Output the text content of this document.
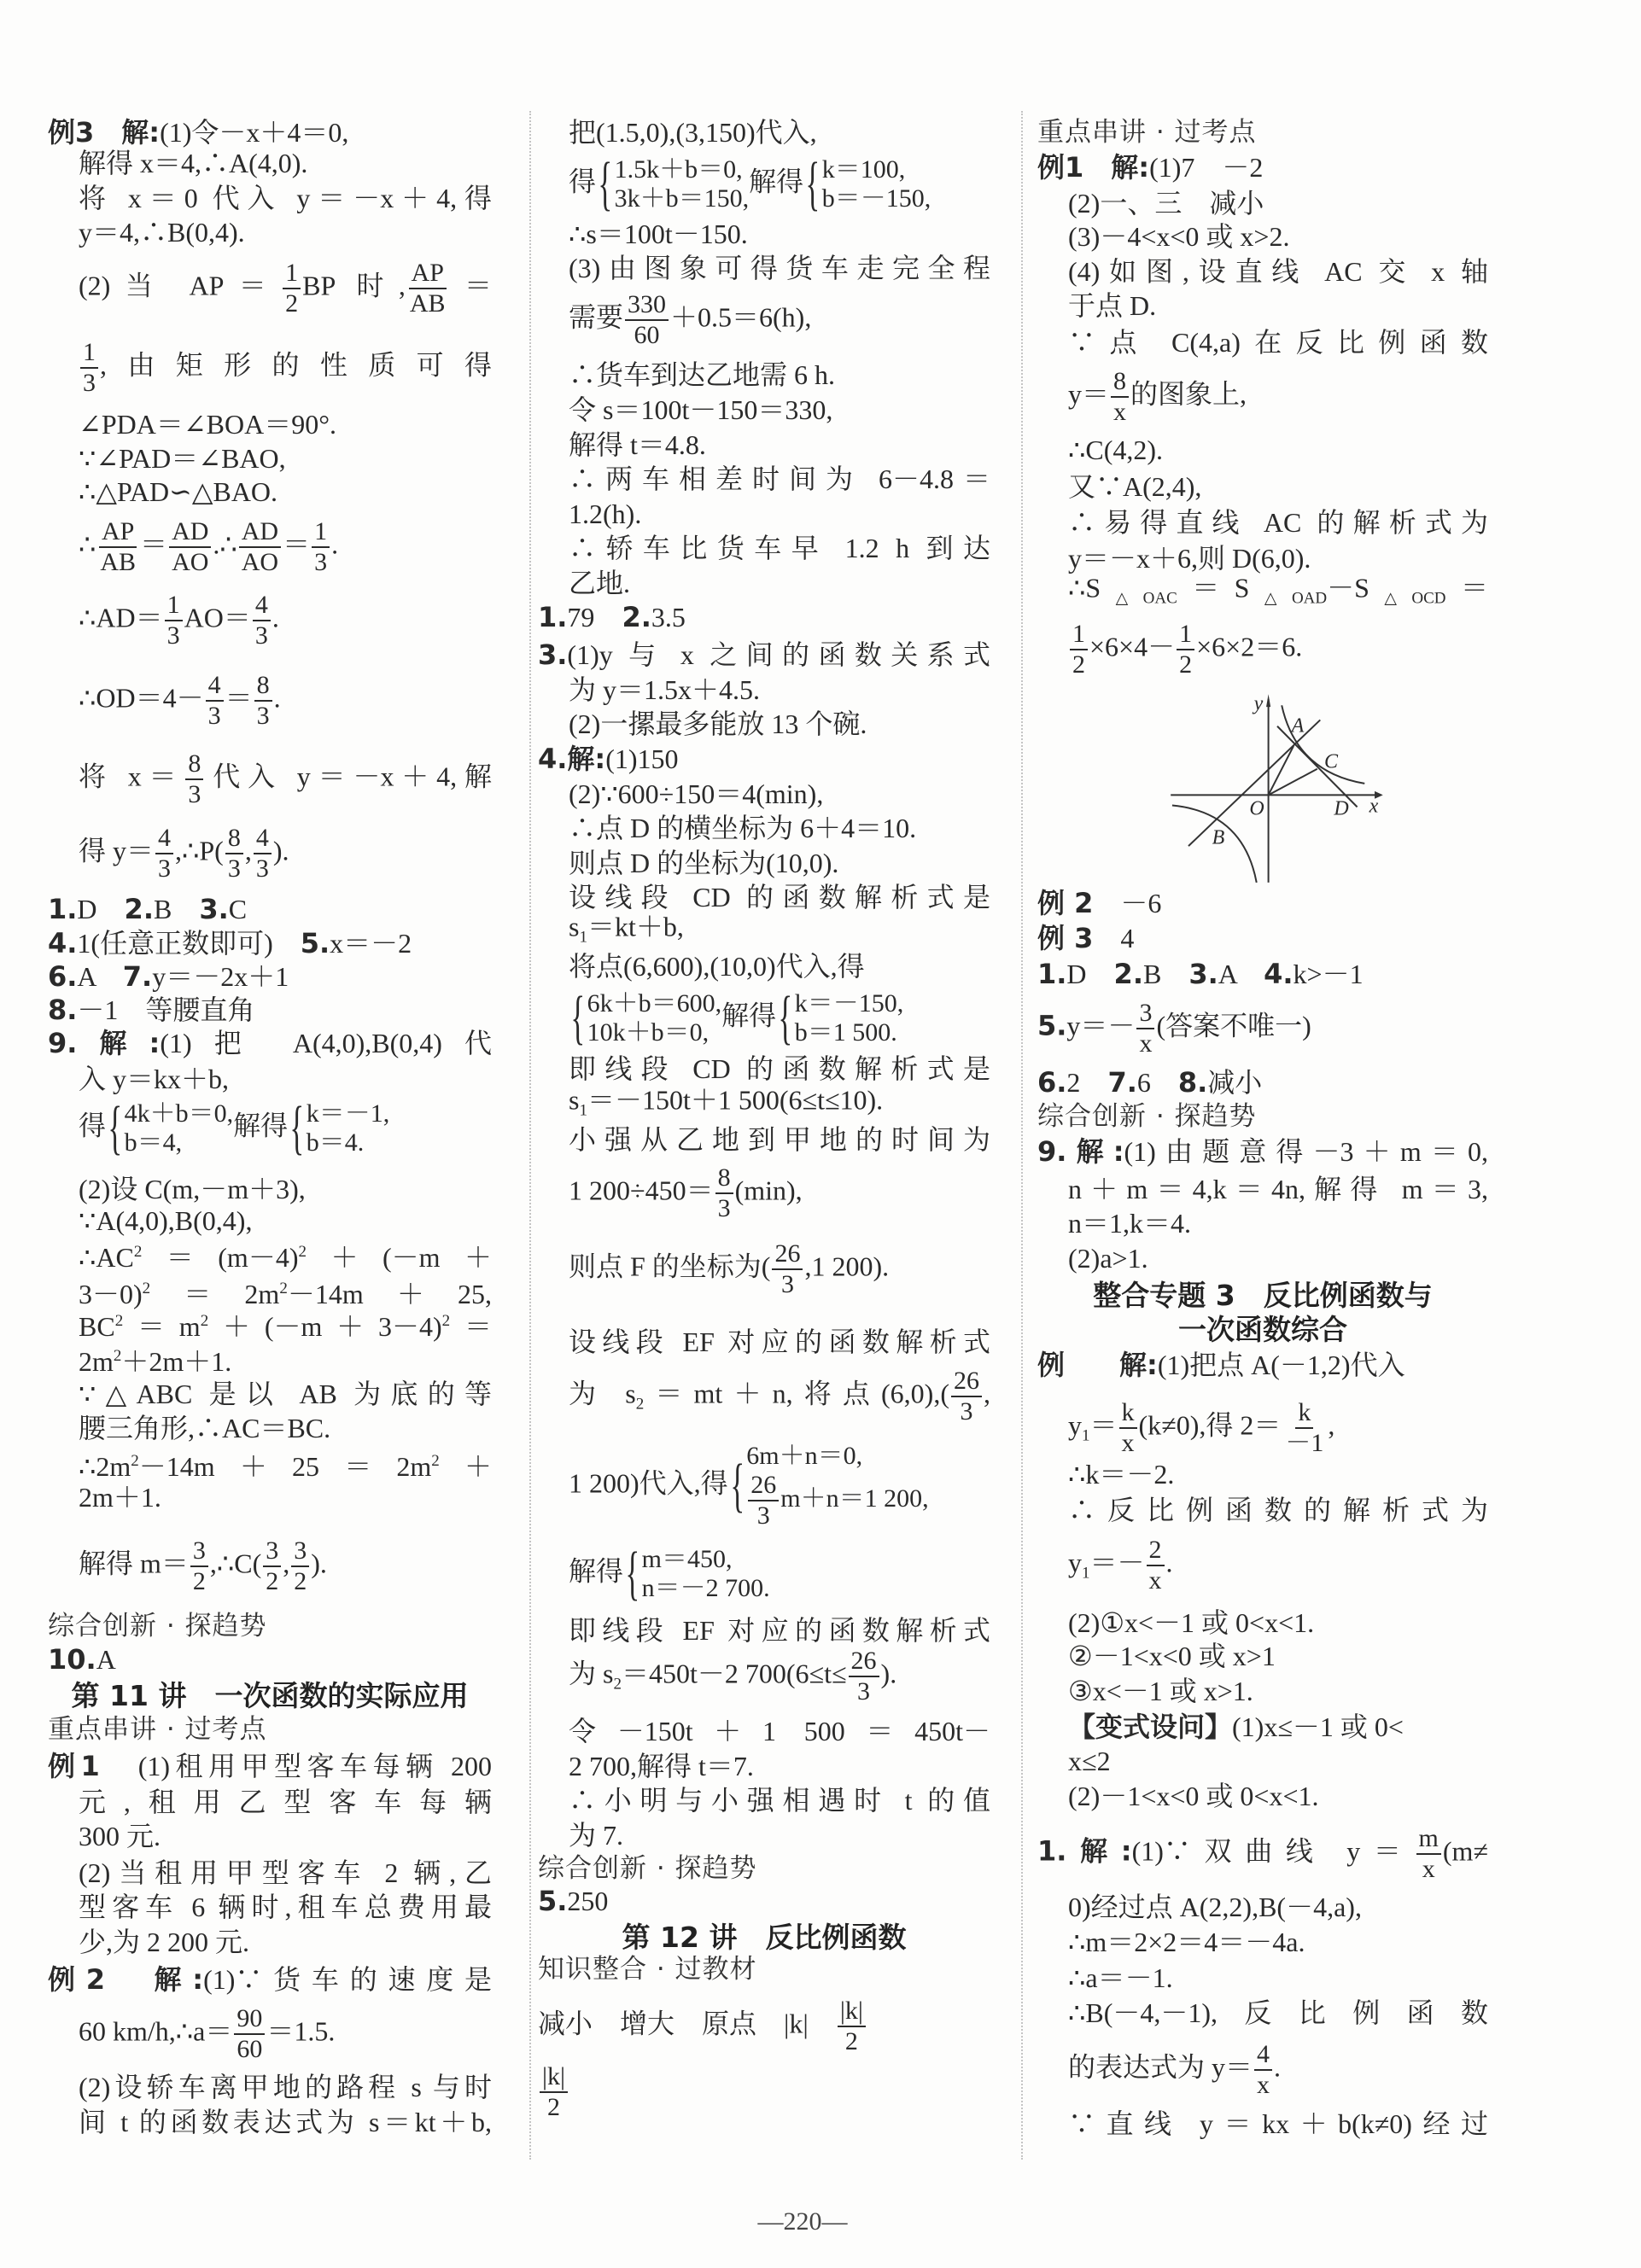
例3　 解:(1)令－x＋4＝0,
解得 x＝4,∴A(4,0).
将 x＝0 代入 y＝－x＋4,得
y＝4,∴B(0,4).
(2)当 $AP= \frac{1}{2}$ BP 时, $\frac{AP}{AB}$ ＝
$\frac{1}{3}$ ,由矩形的性质可得
∠PDA＝∠BOA＝90°.
∵∠PAD＝∠BAO,
∴△PAD∽△BAO.
∴ $\frac{AP}{AB} = \frac{AD}{AO}$ .∴ $\frac{AD}{AO} = \frac{1}{3}$ .
∴AD＝ $\frac{1}{3} AO= \frac{4}{3}$ .
∴OD＝4－ $\frac{4}{3} = \frac{8}{3}$ .
将 $x= \frac{8}{3}$ 代入 y＝－x＋4,解
得 $y= \frac{4}{3}$ ,∴P( $\frac{8}{3}$ , $\frac{4}{3}$ ).
1.D　2.B　3.C
4.1(任意正数即可)　5.x＝－2
6.A　7.y＝－2x＋1
8.－1　等腰直角
9.解:(1)把 A(4,0),B(0,4)代
入 y＝kx＋b,
得 { 4k＋b＝0,
b＝4,
解得 { k＝－1,
b＝4.
(2)设 C(m,－m＋3),
∵A(4,0),B(0,4),
$\therefore AC^2=(m-4)^2+(-m+$
$3-0)^2=2m^2-14m+25$,
$BC^2=m^2+(-m+3-4)^2=$
$2m^2+2m+1$.
∵△ABC 是以 AB 为底的等
腰三角形,∴AC＝BC.
$\therefore 2m^2-14m+25=2m^2+$
2m＋1.
解得 $m= \frac{3}{2}$ ,∴C( $\frac{3}{2}$ , $\frac{3}{2}$ ).
综合创新 · 探趋势
10.A
第 11 讲　一次函数的实际应用
重点串讲 · 过考点
例1　(1)租用甲型客车每辆 200
元,租用乙型客车每辆
300 元.
(2)当租用甲型客车 2 辆,乙
型客车 6 辆时,租车总费用最
少,为 2 200 元.
例2　 解:(1)∵货车的速度是
60 km/h,∴a＝ $\frac{90}{60} =1.5$.
(2)设轿车离甲地的路程 s 与时
间 t 的函数表达式为 s＝kt＋b,
把(1.5,0),(3,150)代入,
得 { 1.5k＋b＝0,
3k＋b＝150,
解得 { k＝100,
b＝－150,
∴s＝100t－150.
(3)由图象可得货车走完全程
需要 $\frac{330}{60} +0.5=6(h)$,
∴货车到达乙地需 6 h.
令 s＝100t－150＝330,
解得 t＝4.8.
∴两车相差时间为 6－4.8＝
1.2(h).
∴轿车比货车早 1.2 h 到达
乙地.
1.79　2.3.5
3.(1)y 与 x 之间的函数关系式
为 y＝1.5x＋4.5.
(2)一摞最多能放 13 个碗.
4.解:(1)150
(2)∵600÷150＝4(min),
∴点 D 的横坐标为 6＋4＝10.
则点 D 的坐标为(10,0).
设线段 CD 的函数解析式是
$s_1=kt+b$,
将点(6,600),(10,0)代入,得
{ 6k＋b＝600,
10k＋b＝0,
解得 { k＝－150,
b＝1 500.
即线段 CD 的函数解析式是
$s_1=-150t+1$ 500(6≤t≤10).
小强从乙地到甲地的时间为
1 $200\div 450= \frac{8}{3} (\min)$,
则点 F 的坐标为( $\frac{26}{3} ,1$ 200).
设线段 EF 对应的函数解析式
为 $s_2=mt+n$,将点$(6,0),( \frac{26}{3}$ ,
1 200)代入,得 { 6m＋n＝0,
$\frac{26}{3} m+n=1$ 200,
解得 { m＝450,
n＝－2 700.
即线段 EF 对应的函数解析式
为 $s_2=450t-2$ $700(6\le t\le \frac{26}{3}$ ).
令－150t＋1 500＝450t－
2 700,解得 t＝7.
∴小明与小强相遇时 t 的值
为 7.
综合创新 · 探趋势
5.250
第 12 讲　反比例函数
知识整合 · 过教材
减小　增大　原点　|k|　 $\frac{|k|}{2}$
$\frac{|k|}{2}$
重点串讲 · 过考点
例1　 解:(1)7　－2
(2)一、三　减小
(3)－4<x<0 或 x>2.
(4)如图,设直线 AC 交 x 轴
于点 D.
∵点 C(4,a)在反比例函数
$y= \frac{8}{x}$ 的图象上,
∴C(4,2).
又∵A(2,4),
∴易得直线 AC 的解析式为
y＝－x＋6,则 D(6,0).
$\therefore S_{\triangle OAC}=S_{\triangle OAD}-S_{\triangle OCD}=$
$\frac{1}{2} \times 6\times 4- \frac{1}{2} \times 6\times 2=6$.
例 2　－6
例 3　4
1.D　2.B　3.A　4.k>－1
$5.y=- \frac{3}{x}$ (答案不唯一)
6.2　7.6　8.减小
综合创新 · 探趋势
9.解:(1)由题意得－3＋m＝0,
n＋m＝4,k＝4n,解得 m＝3,
n＝1,k＝4.
(2)a>1.
整合专题 3　反比例函数与
一次函数综合
例　　 解:(1)把点 A(－1,2)代入
$y_1= \frac{k}{x} (k\ne 0)$,得 $2= \frac{k}{-1}$ ,
∴k＝－2.
∴反比例函数的解析式为
$y_1=- \frac{2}{x}$ .
(2)①x<－1 或 0<x<1.
②－1<x<0 或 x>1
③x<－1 或 x>1.
【变式设问】(1)x≤－1 或 0<
x≤2
(2)－1<x<0 或 0<x<1.
1.解:(1)∵双曲线 $y= \frac{m}{x} (m\ne$
0)经过点 A(2,2),B(－4,a),
∴m＝2×2＝4＝－4a.
∴a＝－1.
∴B(－4,－1),反比例函数
的表达式为 $y= \frac{4}{x}$ .
∵直线 y＝kx＋b(k≠0)经过
y
A
C
O	D x
B
—220—
